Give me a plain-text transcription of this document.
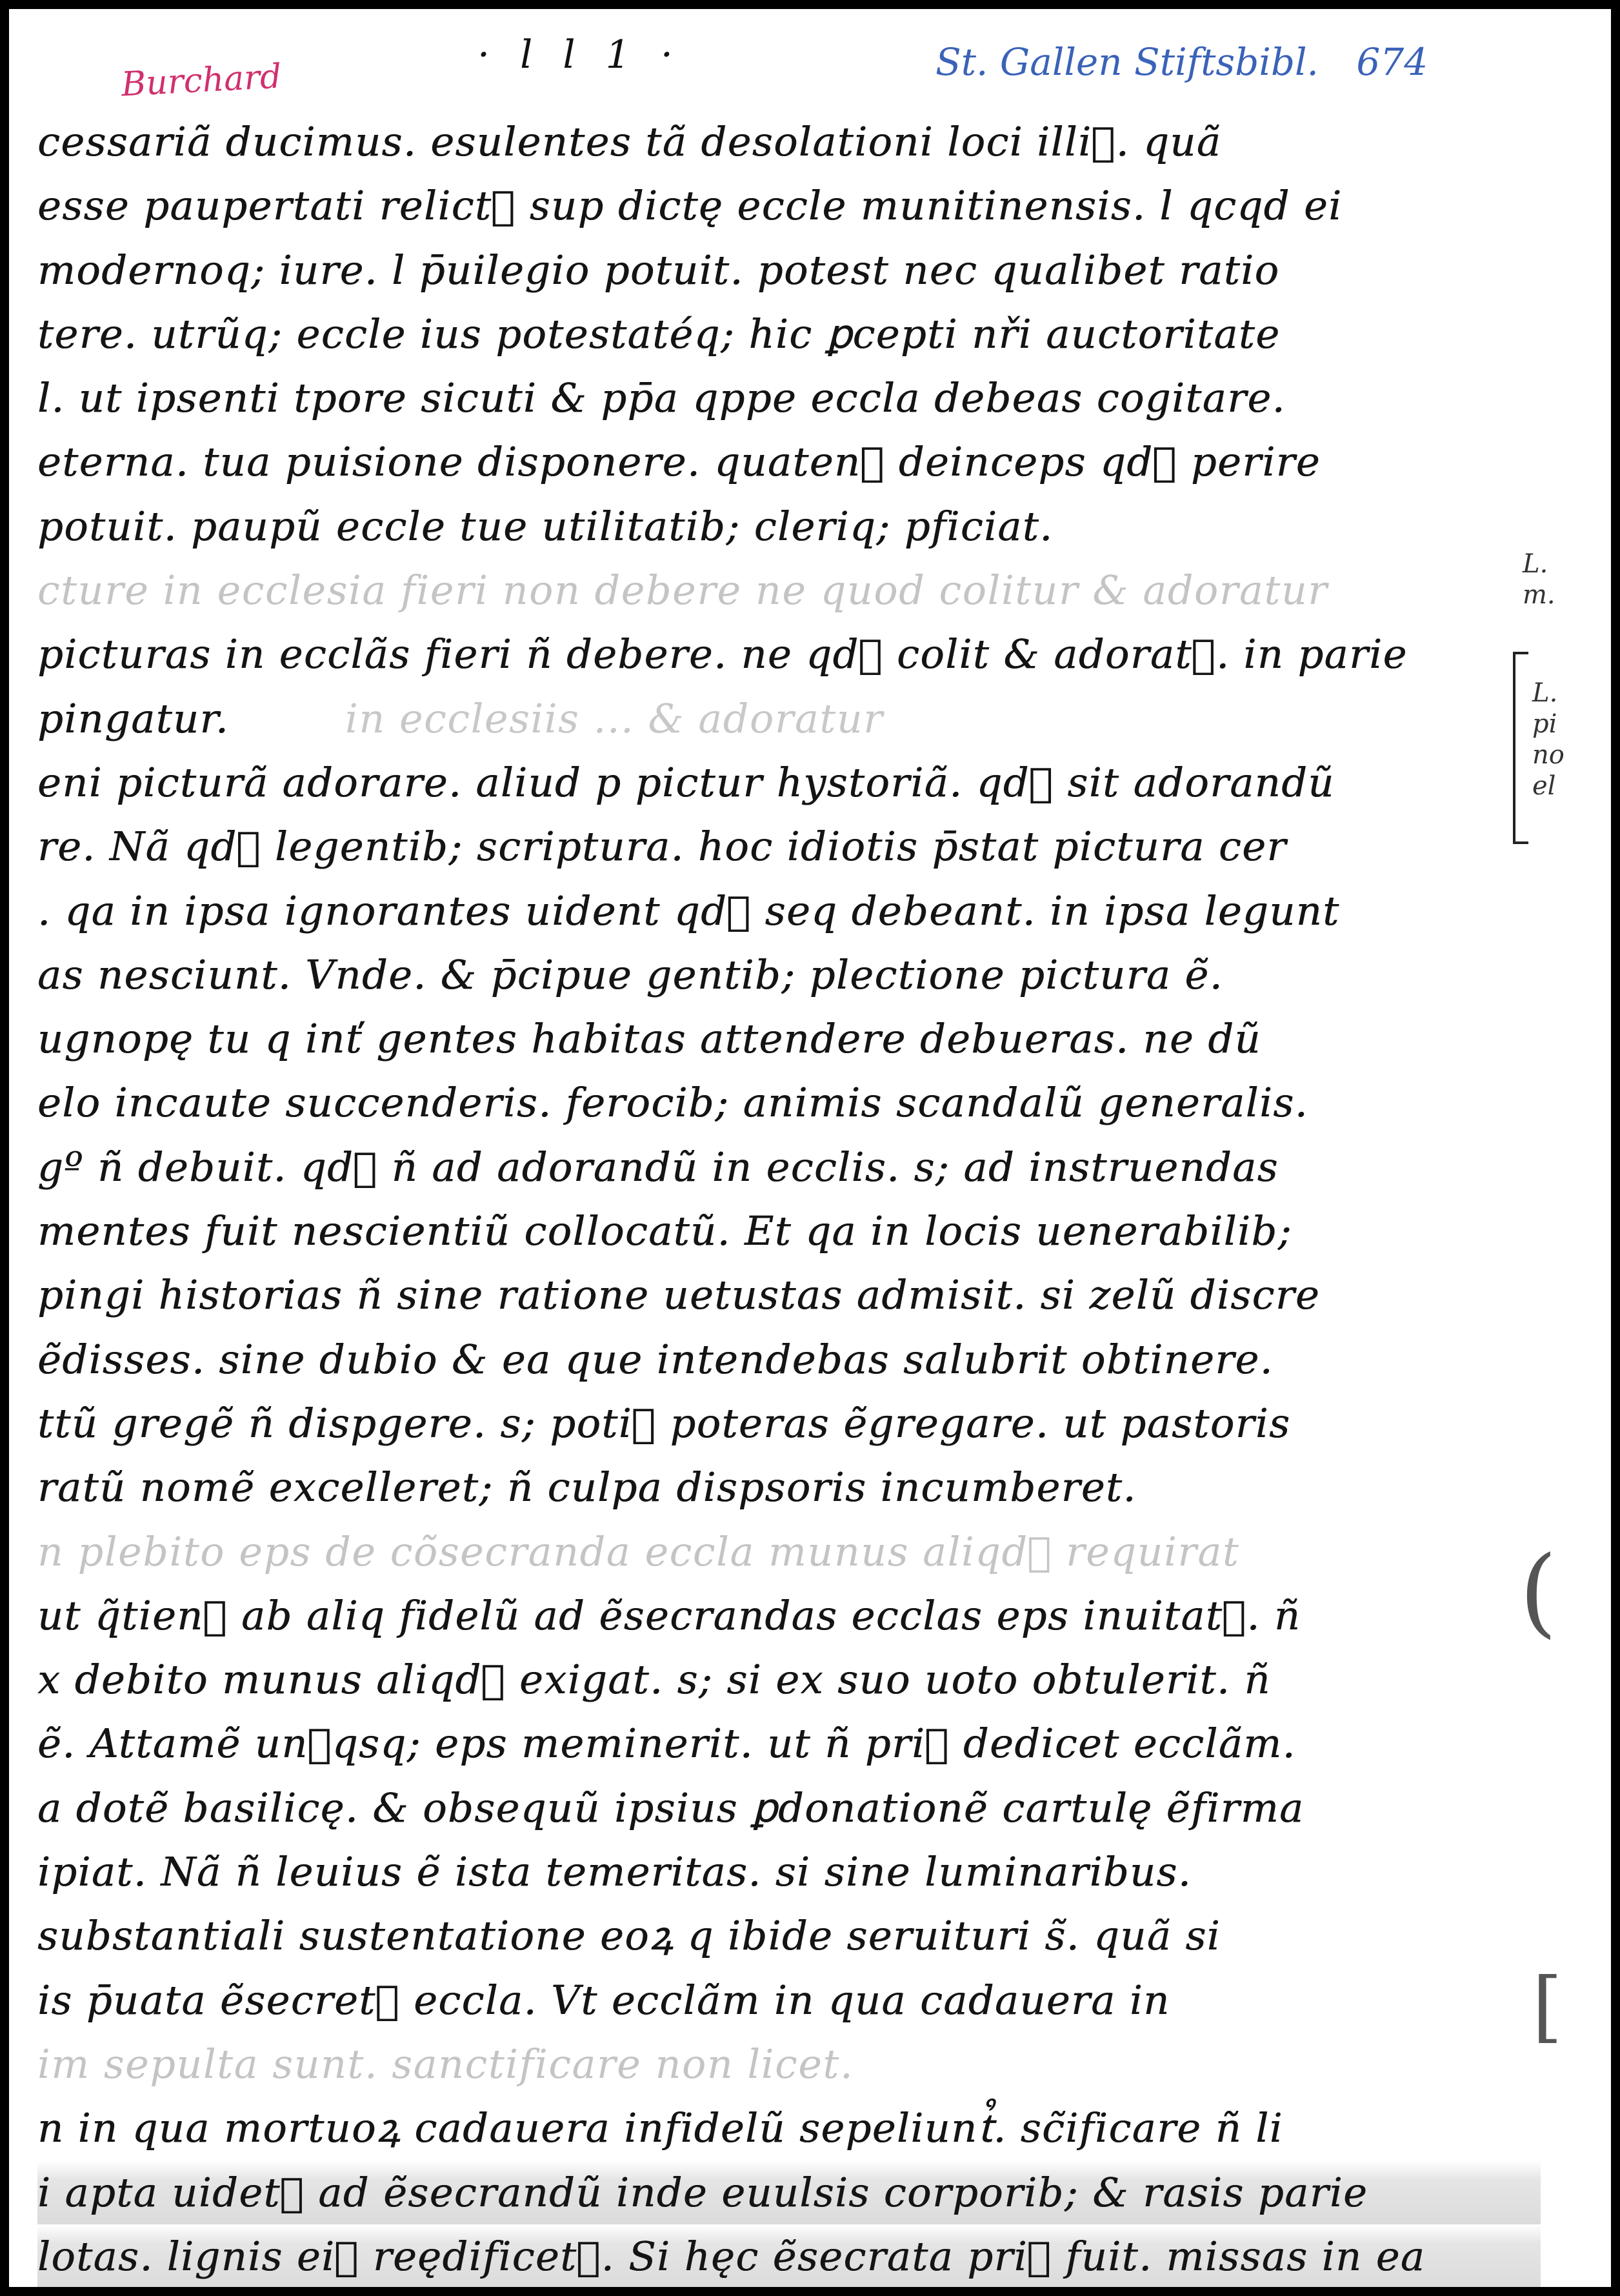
· l l 1 ·
Burchard	St. Gallen Stiftsbibl. 674
cessariã ducimus. esulentes tã desolationi loci illi᷒. quã
esse paupertati relict᷒ sup dictę eccle munitinensis. l qcqd ei
modernoq; iure. l p̄uilegio potuit. potest nec qualibet ratio
tere. utrũq; eccle ius potestatéq; hic ꝑcepti nři auctoritate
l. ut ipsenti tpore sicuti & pp̄a qppe eccla debeas cogitare.
eterna. tua puisione disponere. quaten᷒ deinceps qd᷒ perire
potuit. paupũ eccle tue utilitatib; cleriq; pficiat.
cture in ecclesia fieri non debere ne quod colitur & adoratur
picturas in ecclãs fieri ñ debere. ne qd᷒ colit & adorat᷒. in parie
pingatur.	in ecclesiis ... & adoratur
eni picturã adorare. aliud p pictur hystoriã. qd᷒ sit adorandũ
re. Nã qd᷒ legentib; scriptura. hoc idiotis p̄stat pictura cer
. qa in ipsa ignorantes uident qd᷒ seq debeant. in ipsa legunt
as nesciunt. Vnde. & p̄cipue gentib; plectione pictura ẽ.
ugnopę tu q inť gentes habitas attendere debueras. ne dũ
elo incaute succenderis. ferocib; animis scandalũ generalis.
gº ñ debuit. qd᷒ ñ ad adorandũ in ecclis. s; ad instruendas
mentes fuit nescientiũ collocatũ. Et qa in locis uenerabilib;
pingi historias ñ sine ratione uetustas admisit. si zelũ discre
ẽdisses. sine dubio & ea que intendebas salubrit obtinere.
ttũ gregẽ ñ dispgere. s; poti᷒ poteras ẽgregare. ut pastoris
ratũ nomẽ excelleret; ñ culpa dispsoris incumberet.
n plebito eps de cõsecranda eccla munus aliqd᷒ requirat
ut q̃tien᷒ ab aliq fidelũ ad ẽsecrandas ecclas eps inuitat᷒. ñ
x debito munus aliqd᷒ exigat. s; si ex suo uoto obtulerit. ñ
ẽ. Attamẽ un᷒qsq; eps meminerit. ut ñ pri᷒ dedicet ecclãm.
a dotẽ basilicę. & obsequũ ipsius ꝑdonationẽ cartulę ẽfirma
ipiat. Nã ñ leuius ẽ ista temeritas. si sine luminaribus.
substantiali sustentatione eoꝝ q ibide seruituri s̃. quã si
is p̄uata ẽsecret᷒ eccla. Vt ecclãm in qua cadauera in
im sepulta sunt. sanctificare non licet.
n in qua mortuoꝝ cadauera infidelũ sepeliunt᷒. sc̃ificare ñ li
i apta uidet᷒ ad ẽsecrandũ inde euulsis corporib; & rasis parie
lotas. lignis ei᷒ reędificet᷒. Si hęc ẽsecrata pri᷒ fuit. missas in ea
L.
m.
L.
pi
no
el
(
[
